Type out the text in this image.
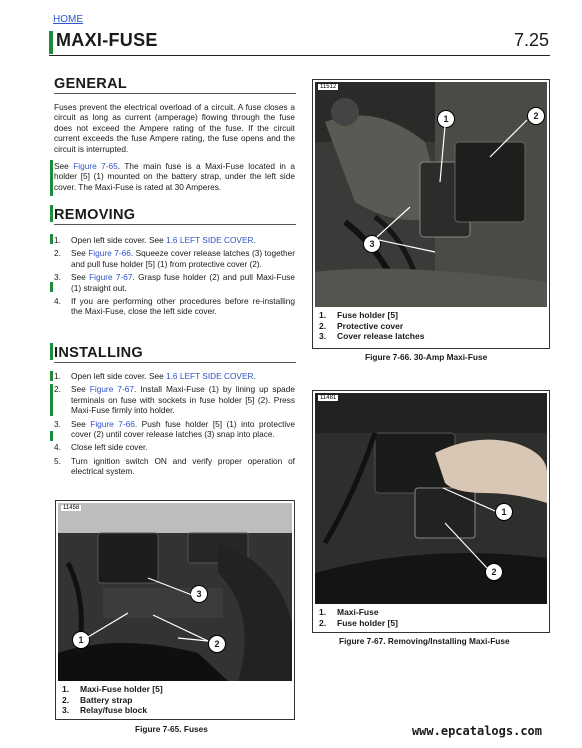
HOME
MAXI-FUSE	7.25
GENERAL
Fuses prevent the electrical overload of a circuit. A fuse closes a circuit as long as current (amperage) flowing through the fuse does not exceed the Ampere rating of the fuse. If the circuit current exceeds the fuse Ampere rating, the fuse opens and the circuit is interrupted.
See Figure 7-65. The main fuse is a Maxi-Fuse located in a holder [5] (1) mounted on the battery strap, under the left side cover. The Maxi-Fuse is rated at 30 Amperes.
REMOVING
1. Open left side cover. See 1.6 LEFT SIDE COVER.
2. See Figure 7-66. Squeeze cover release latches (3) together and pull fuse holder [5] (1) from protective cover (2).
3. See Figure 7-67. Grasp fuse holder (2) and pull Maxi-Fuse (1) straight out.
4. If you are performing other procedures before re-installing the Maxi-Fuse, close the left side cover.
INSTALLING
1. Open left side cover. See 1.6 LEFT SIDE COVER.
2. See Figure 7-67. Install Maxi-Fuse (1) by lining up spade terminals on fuse with sockets in fuse holder [5] (2). Press Maxi-Fuse firmly into holder.
3. See Figure 7-66. Push fuse holder [5] (1) into protective cover (2) until cover release latches (3) snap into place.
4. Close left side cover.
5. Turn ignition switch ON and verify proper operation of electrical system.
11512
1	2
3
1. Fuse holder [5]
2. Protective cover
3. Cover release latches
Figure 7-66. 30-Amp Maxi-Fuse
11481
1
2
1. Maxi-Fuse
2. Fuse holder [5]
Figure 7-67. Removing/Installing Maxi-Fuse
11458
1	2
3
1. Maxi-Fuse holder [5]
2. Battery strap
3. Relay/fuse block
Figure 7-65. Fuses	www.epcatalogs.com
